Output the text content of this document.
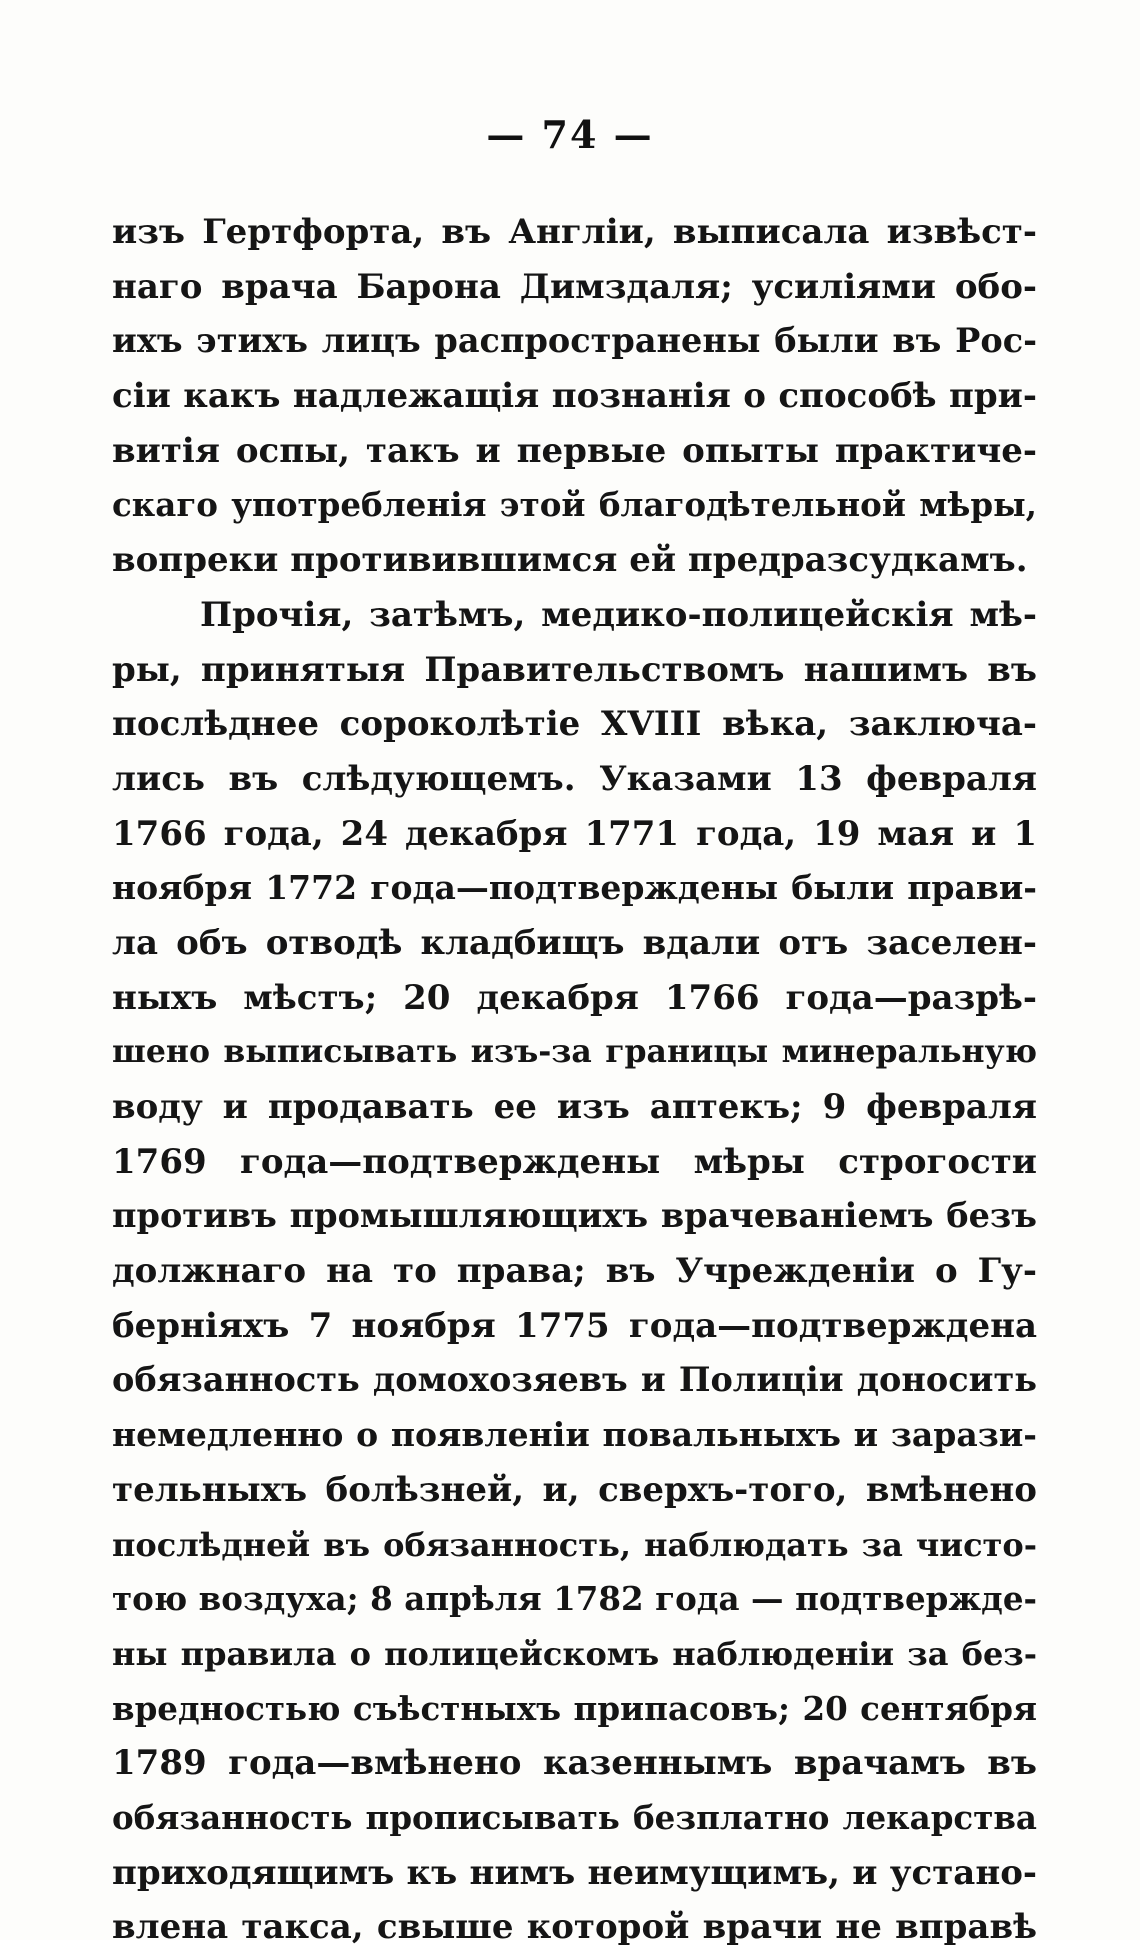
— 74 —
изъ Гертфорта, въ Англіи, выписала извѣст-
наго врача Барона Димздаля; усиліями обо-
ихъ этихъ лицъ распространены были въ Рос-
сіи какъ надлежащія познанія о способѣ при-
витія оспы, такъ и первые опыты практиче-
скаго употребленія этой благодѣтельной мѣры,
вопреки противившимся ей предразсудкамъ.
Прочія, затѣмъ, медико-полицейскія мѣ-
ры, принятыя Правительствомъ нашимъ въ
послѣднее сороколѣтіе XVIII вѣка, заключа-
лись въ слѣдующемъ. Указами 13 февраля
1766 года, 24 декабря 1771 года, 19 мая и 1
ноября 1772 года—подтверждены были прави-
ла объ отводѣ кладбищъ вдали отъ заселен-
ныхъ мѣстъ; 20 декабря 1766 года—разрѣ-
шено выписывать изъ-за границы минеральную
воду и продавать ее изъ аптекъ; 9 февраля
1769 года—подтверждены мѣры строгости
противъ промышляющихъ врачеваніемъ безъ
должнаго на то права; въ Учрежденіи о Гу-
берніяхъ 7 ноября 1775 года—подтверждена
обязанность домохозяевъ и Полиціи доносить
немедленно о появленіи повальныхъ и зарази-
тельныхъ болѣзней, и, сверхъ-того, вмѣнено
послѣдней въ обязанность, наблюдать за чисто-
тою воздуха; 8 апрѣля 1782 года — подтвержде-
ны правила о полицейскомъ наблюденіи за без-
вредностью съѣстныхъ припасовъ; 20 сентября
1789 года—вмѣнено казеннымъ врачамъ въ
обязанность прописывать безплатно лекарства
приходящимъ къ нимъ неимущимъ, и устано-
влена такса, свыше которой врачи не вправѣ
